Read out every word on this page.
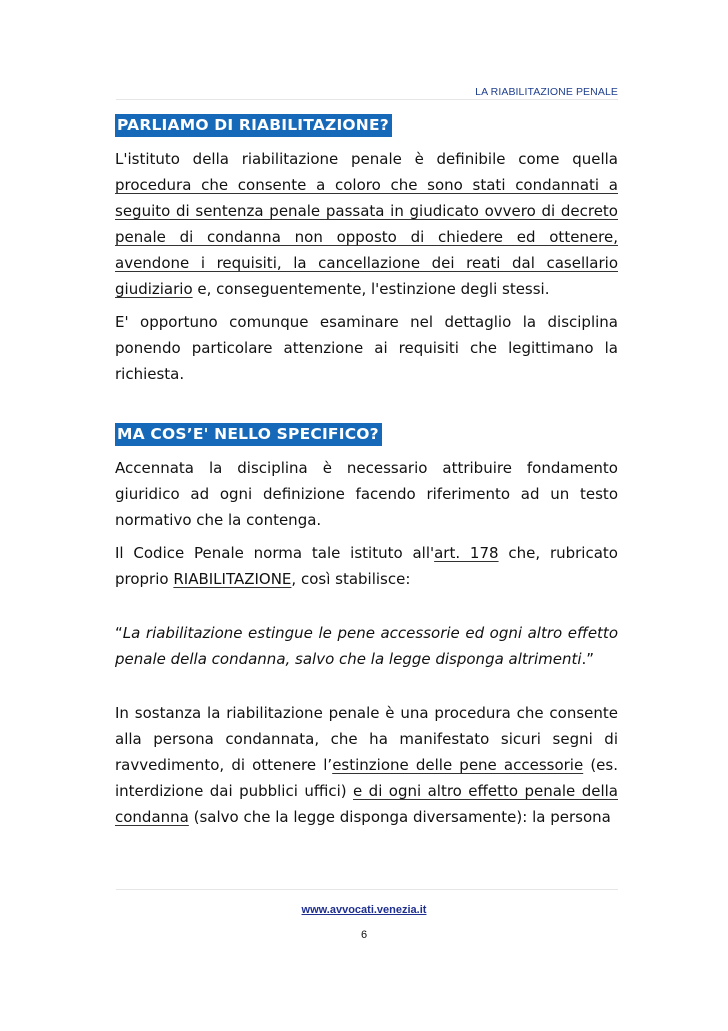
LA RIABILITAZIONE PENALE
PARLIAMO DI RIABILITAZIONE?

L'istituto della riabilitazione penale è definibile come quella procedura che consente a coloro che sono stati condannati a seguito di sentenza penale passata in giudicato ovvero di decreto penale di condanna non opposto di chiedere ed ottenere, avendone i requisiti, la cancellazione dei reati dal casellario giudiziario e, conseguentemente, l'estinzione degli stessi.

E' opportuno comunque esaminare nel dettaglio la disciplina ponendo particolare attenzione ai requisiti che legittimano la richiesta.

MA COS’E' NELLO SPECIFICO?

Accennata la disciplina è necessario attribuire fondamento giuridico ad ogni definizione facendo riferimento ad un testo normativo che la contenga.

Il Codice Penale norma tale istituto all'art. 178 che, rubricato proprio RIABILITAZIONE, così stabilisce:

“La riabilitazione estingue le pene accessorie ed ogni altro effetto penale della condanna, salvo che la legge disponga altrimenti.”

In sostanza la riabilitazione penale è una procedura che consente alla persona condannata, che ha manifestato sicuri segni di ravvedimento, di ottenere l’estinzione delle pene accessorie (es. interdizione dai pubblici uffici) e di ogni altro effetto penale della condanna (salvo che la legge disponga diversamente): la persona

www.avvocati.venezia.it
6
